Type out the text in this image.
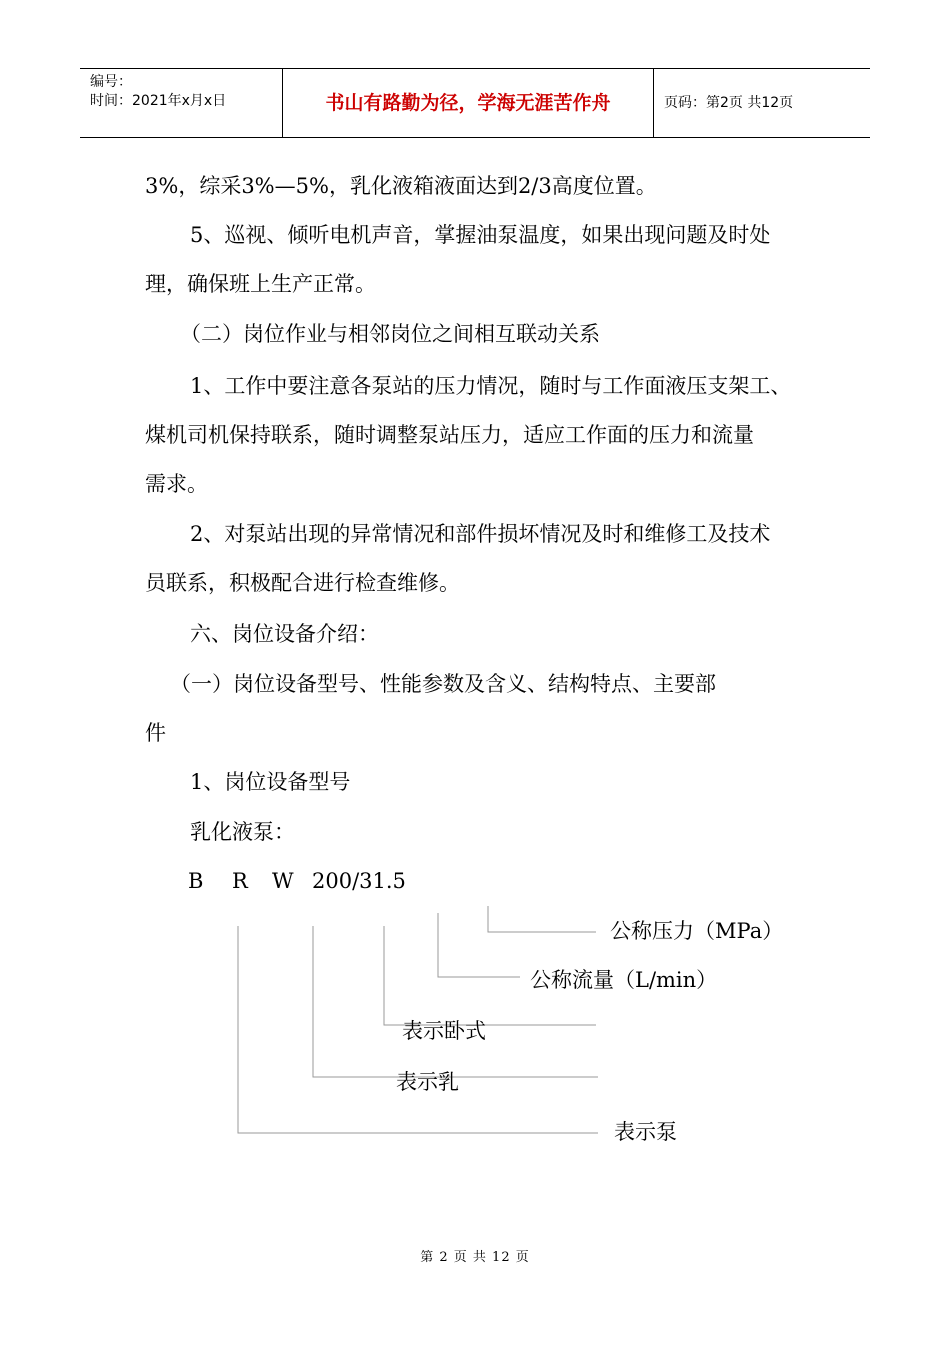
编号：
时间：2021年x月x日	书山有路勤为径，学海无涯苦作舟	页码：第2页 共12页
3%，综采3%—5%，乳化液箱液面达到2/3高度位置。
5、巡视、倾听电机声音，掌握油泵温度，如果出现问题及时处
理，确保班上生产正常。
（二）岗位作业与相邻岗位之间相互联动关系
1、工作中要注意各泵站的压力情况，随时与工作面液压支架工、
煤机司机保持联系，随时调整泵站压力，适应工作面的压力和流量
需求。
2、对泵站出现的异常情况和部件损坏情况及时和维修工及技术
员联系，积极配合进行检查维修。
六、岗位设备介绍：
（一）岗位设备型号、性能参数及含义、结构特点、主要部
件
1、岗位设备型号
乳化液泵：
B R W 200/31.5
公称压力（MPa）
公称流量（L/min）
表示卧式
表示乳
表示泵
第 2 页 共 12 页
